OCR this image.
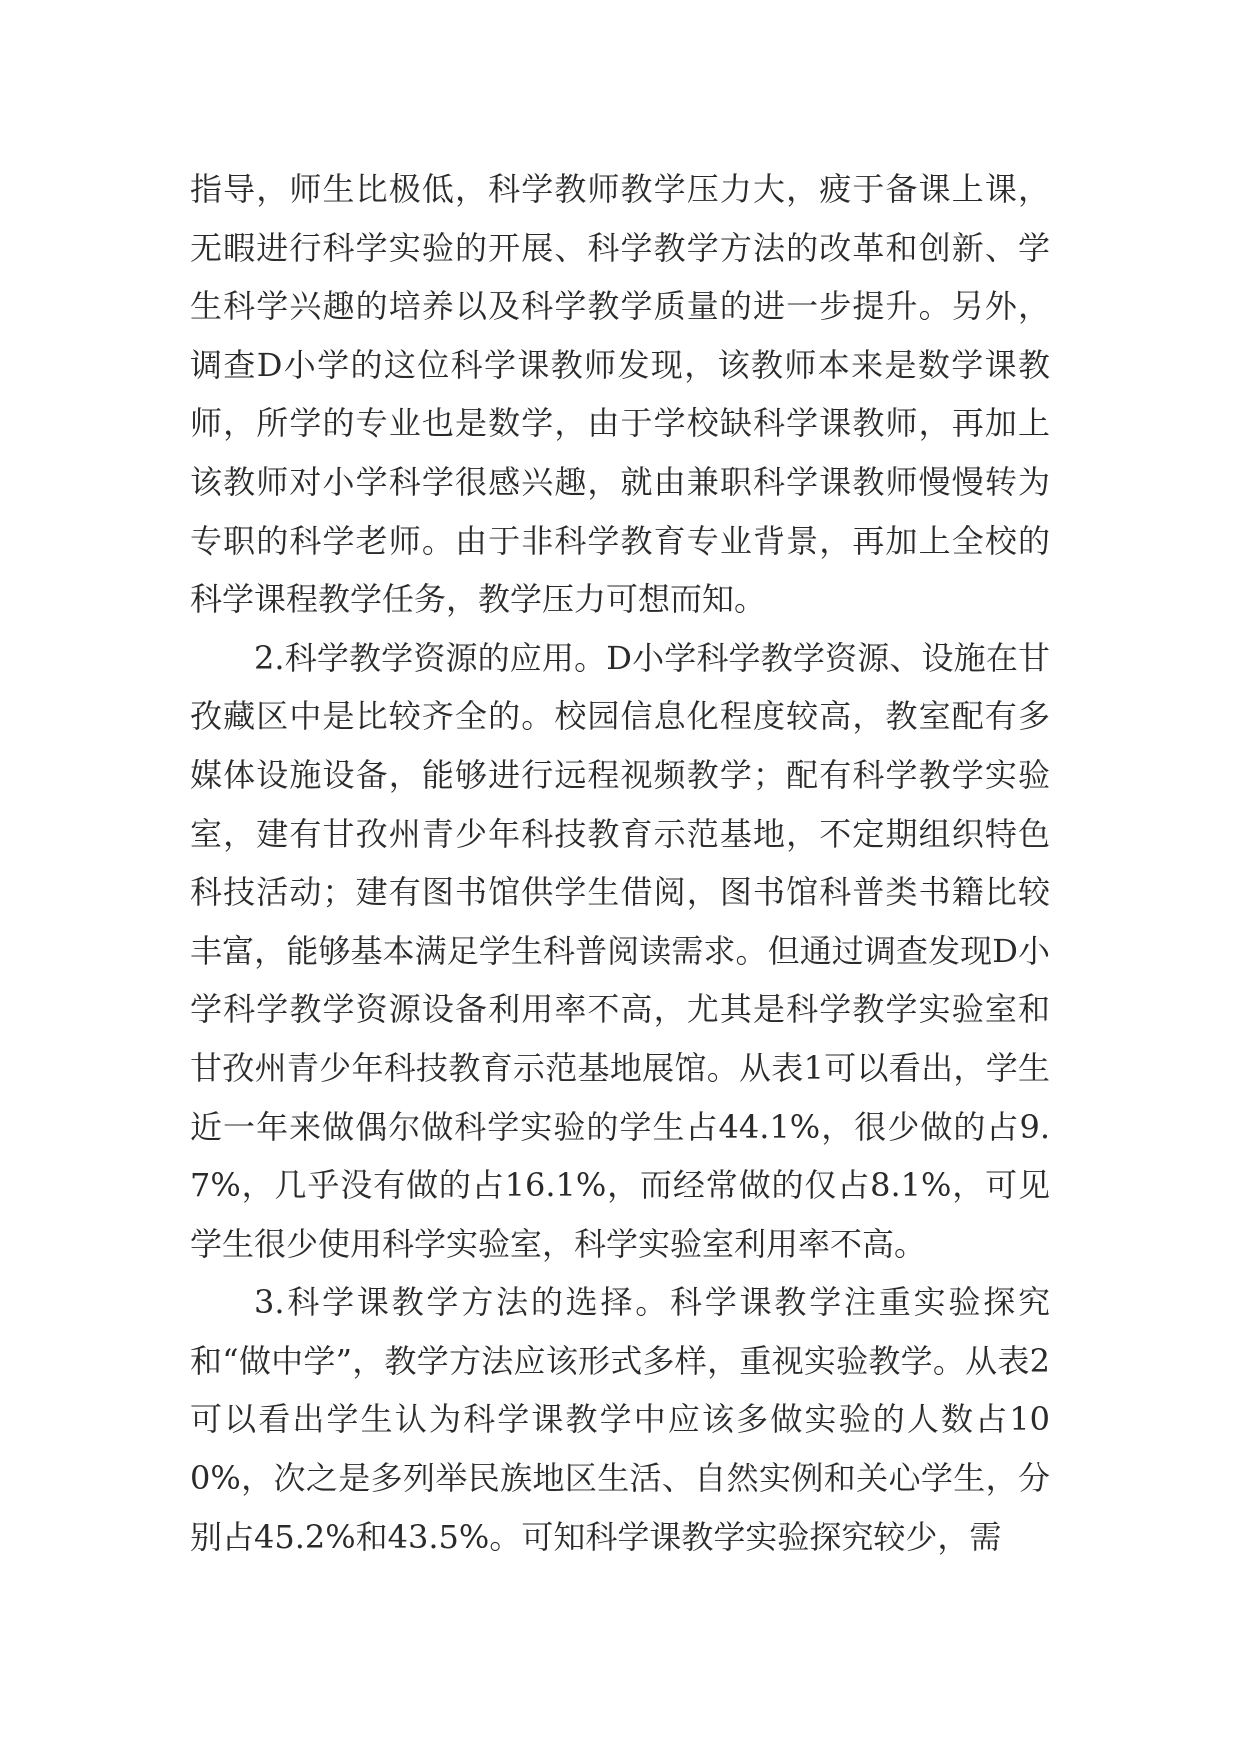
指导，师生比极低，科学教师教学压力大，疲于备课上课，无暇进行科学实验的开展、科学教学方法的改革和创新、学生科学兴趣的培养以及科学教学质量的进一步提升。另外，调查D小学的这位科学课教师发现，该教师本来是数学课教师，所学的专业也是数学，由于学校缺科学课教师，再加上该教师对小学科学很感兴趣，就由兼职科学课教师慢慢转为专职的科学老师。由于非科学教育专业背景，再加上全校的科学课程教学任务，教学压力可想而知。

2.科学教学资源的应用。D小学科学教学资源、设施在甘孜藏区中是比较齐全的。校园信息化程度较高，教室配有多媒体设施设备，能够进行远程视频教学；配有科学教学实验室，建有甘孜州青少年科技教育示范基地，不定期组织特色科技活动；建有图书馆供学生借阅，图书馆科普类书籍比较丰富，能够基本满足学生科普阅读需求。但通过调查发现D小学科学教学资源设备利用率不高，尤其是科学教学实验室和甘孜州青少年科技教育示范基地展馆。从表1可以看出，学生近一年来做偶尔做科学实验的学生占44.1%，很少做的占9.7%，几乎没有做的占16.1%，而经常做的仅占8.1%，可见学生很少使用科学实验室，科学实验室利用率不高。

3.科学课教学方法的选择。科学课教学注重实验探究和“做中学”，教学方法应该形式多样，重视实验教学。从表2可以看出学生认为科学课教学中应该多做实验的人数占100%，次之是多列举民族地区生活、自然实例和关心学生，分别占45.2%和43.5%。可知科学课教学实验探究较少，需
